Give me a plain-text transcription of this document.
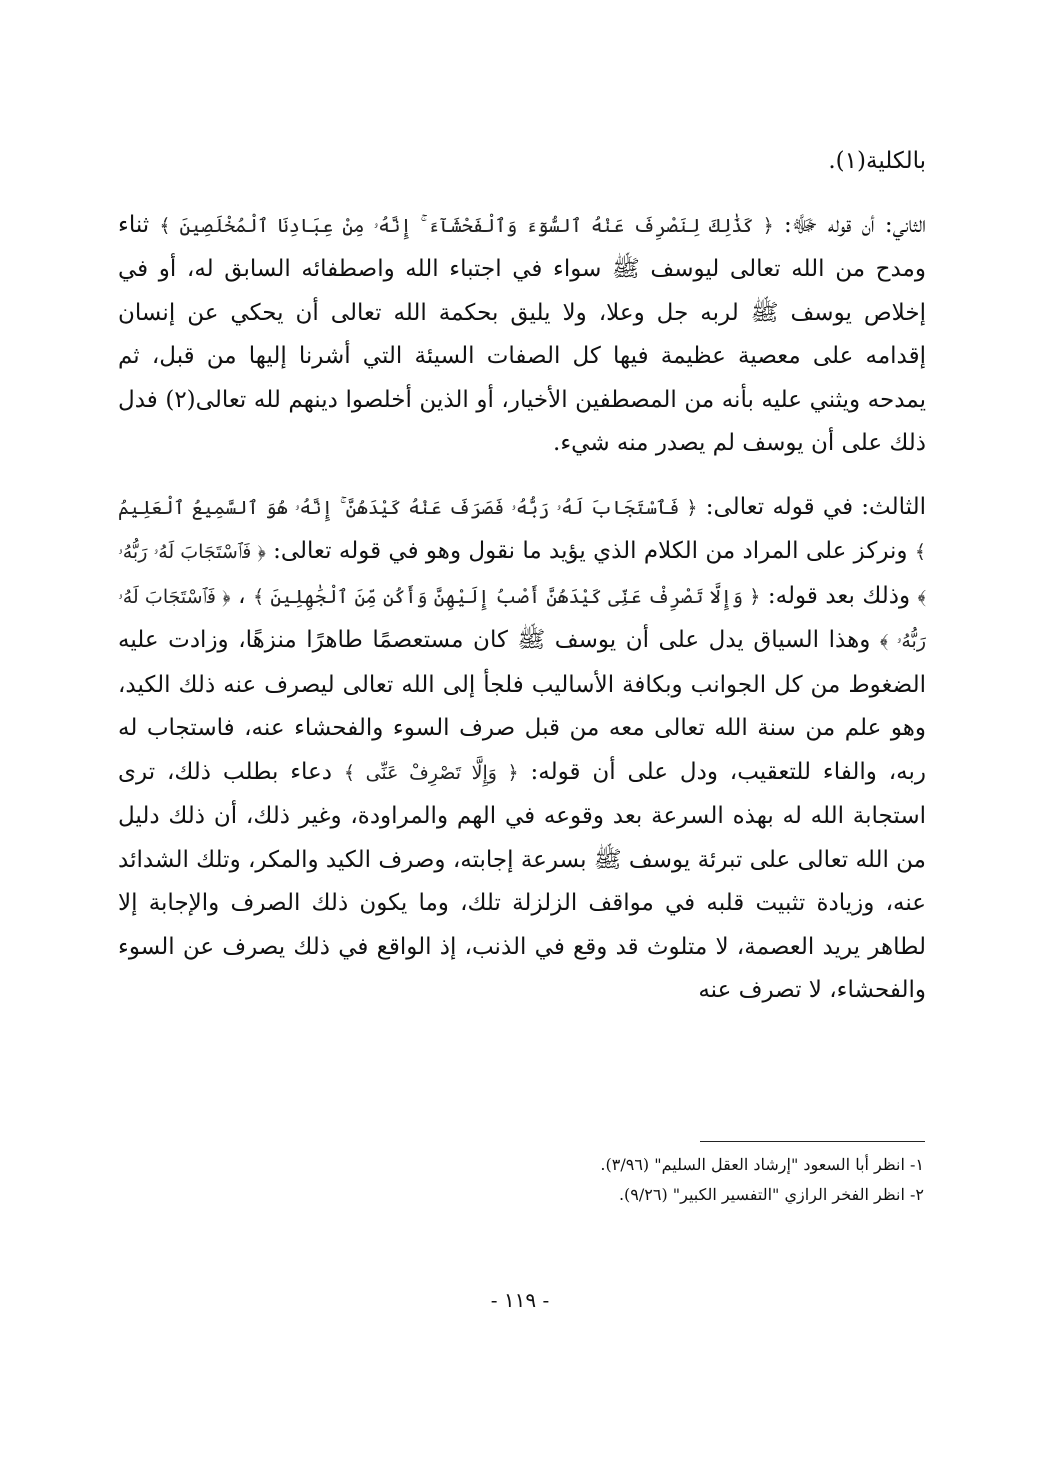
بالكلية(١).

الثاني: أن قوله ﷻ: ﴿ كَذَٰلِكَ لِنَصْرِفَ عَنْهُ ٱلسُّوٓءَ وَٱلْفَحْشَآءَ ۚ إِنَّهُۥ مِنْ عِبَادِنَا ٱلْمُخْلَصِينَ ﴾ ثناء ومدح من الله تعالى ليوسف ﷺ سواء في اجتباء الله واصطفائه السابق له، أو في إخلاص يوسف ﷺ لربه جل وعلا، ولا يليق بحكمة الله تعالى أن يحكي عن إنسان إقدامه على معصية عظيمة فيها كل الصفات السيئة التي أشرنا إليها من قبل، ثم يمدحه ويثني عليه بأنه من المصطفين الأخيار، أو الذين أخلصوا دينهم لله تعالى(٢) فدل ذلك على أن يوسف لم يصدر منه شيء.

الثالث: في قوله تعالى: ﴿ فَٱسْتَجَابَ لَهُۥ رَبُّهُۥ فَصَرَفَ عَنْهُ كَيْدَهُنَّ ۚ إِنَّهُۥ هُوَ ٱلسَّمِيعُ ٱلْعَلِيمُ ﴾ ونركز على المراد من الكلام الذي يؤيد ما نقول وهو في قوله تعالى: ﴿ فَٱسْتَجَابَ لَهُۥ رَبُّهُۥ ﴾ وذلك بعد قوله: ﴿ وَإِلَّا تَصْرِفْ عَنِّى كَيْدَهُنَّ أَصْبُ إِلَيْهِنَّ وَأَكُن مِّنَ ٱلْجَٰهِلِينَ ﴾ ، ﴿ فَٱسْتَجَابَ لَهُۥ رَبُّهُۥ ﴾ وهذا السياق يدل على أن يوسف ﷺ كان مستعصمًا طاهرًا منزهًا، وزادت عليه الضغوط من كل الجوانب وبكافة الأساليب فلجأ إلى الله تعالى ليصرف عنه ذلك الكيد، وهو علم من سنة الله تعالى معه من قبل صرف السوء والفحشاء عنه، فاستجاب له ربه، والفاء للتعقيب، ودل على أن قوله: ﴿ وَإِلَّا تَصْرِفْ عَنِّى ﴾ دعاء بطلب ذلك، ترى استجابة الله له بهذه السرعة بعد وقوعه في الهم والمراودة، وغير ذلك، أن ذلك دليل من الله تعالى على تبرئة يوسف ﷺ بسرعة إجابته، وصرف الكيد والمكر، وتلك الشدائد عنه، وزيادة تثبيت قلبه في مواقف الزلزلة تلك، وما يكون ذلك الصرف والإجابة إلا لطاهر يريد العصمة، لا متلوث قد وقع في الذنب، إذ الواقع في ذلك يصرف عن السوء والفحشاء، لا تصرف عنه

١- انظر أبا السعود "إرشاد العقل السليم" (٣/٩٦).

٢- انظر الفخر الرازي "التفسير الكبير" (٩/٢٦).

- ١١٩ -
